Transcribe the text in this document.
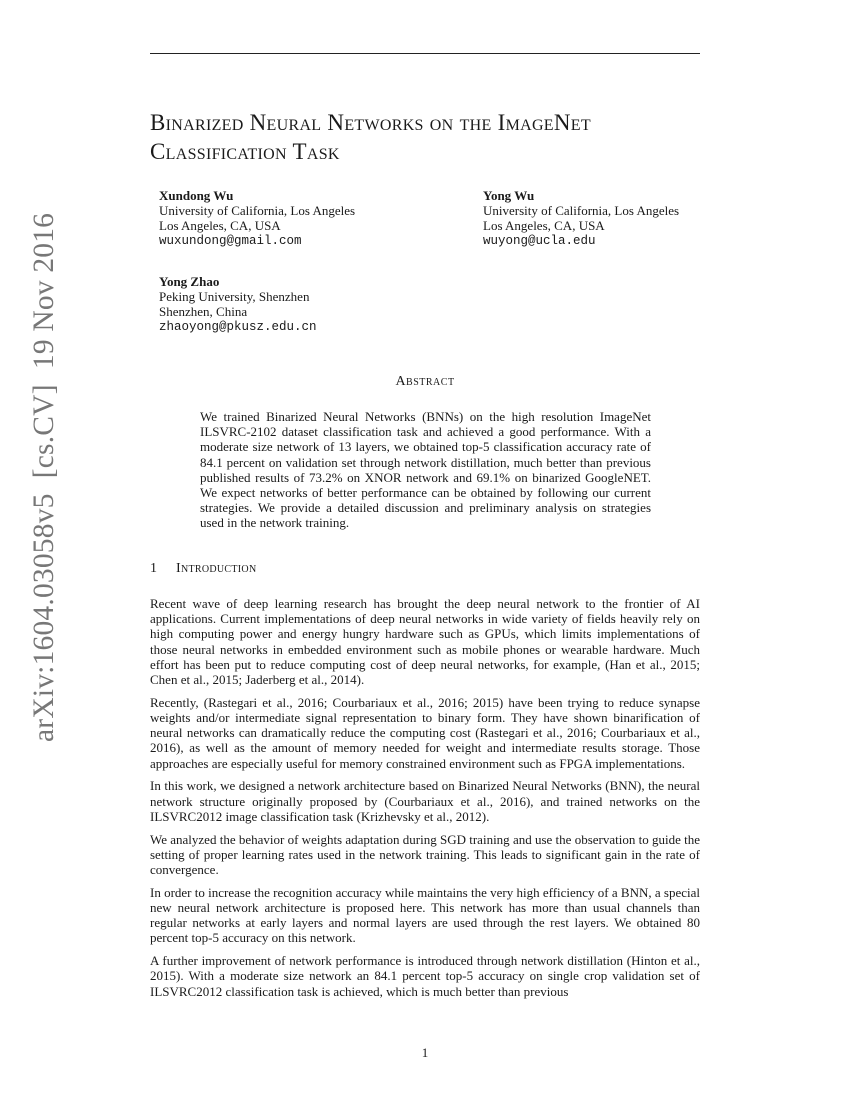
arXiv:1604.03058v5  [cs.CV]  19 Nov 2016
Binarized Neural Networks on the ImageNet
Classification Task
Xundong Wu
University of California, Los Angeles
Los Angeles, CA, USA
wuxundong@gmail.com
Yong Wu
University of California, Los Angeles
Los Angeles, CA, USA
wuyong@ucla.edu
Yong Zhao
Peking University, Shenzhen
Shenzhen, China
zhaoyong@pkusz.edu.cn
Abstract
We trained Binarized Neural Networks (BNNs) on the high resolution ImageNet ILSVRC-2102 dataset classification task and achieved a good performance. With a moderate size network of 13 layers, we obtained top-5 classification accuracy rate of 84.1 percent on validation set through network distillation, much better than previous published results of 73.2% on XNOR network and 69.1% on binarized GoogleNET. We expect networks of better performance can be obtained by following our current strategies. We provide a detailed discussion and preliminary analysis on strategies used in the network training.
1 Introduction

Recent wave of deep learning research has brought the deep neural network to the frontier of AI applications. Current implementations of deep neural networks in wide variety of fields heavily rely on high computing power and energy hungry hardware such as GPUs, which limits implementations of those neural networks in embedded environment such as mobile phones or wearable hardware. Much effort has been put to reduce computing cost of deep neural networks, for example, (Han et al., 2015; Chen et al., 2015; Jaderberg et al., 2014).

Recently, (Rastegari et al., 2016; Courbariaux et al., 2016; 2015) have been trying to reduce synapse weights and/or intermediate signal representation to binary form. They have shown binarification of neural networks can dramatically reduce the computing cost (Rastegari et al., 2016; Courbariaux et al., 2016), as well as the amount of memory needed for weight and intermediate results storage. Those approaches are especially useful for memory constrained environment such as FPGA implementations.

In this work, we designed a network architecture based on Binarized Neural Networks (BNN), the neural network structure originally proposed by (Courbariaux et al., 2016), and trained networks on the ILSVRC2012 image classification task (Krizhevsky et al., 2012).

We analyzed the behavior of weights adaptation during SGD training and use the observation to guide the setting of proper learning rates used in the network training. This leads to significant gain in the rate of convergence.

In order to increase the recognition accuracy while maintains the very high efficiency of a BNN, a special new neural network architecture is proposed here. This network has more than usual channels than regular networks at early layers and normal layers are used through the rest layers. We obtained 80 percent top-5 accuracy on this network.

A further improvement of network performance is introduced through network distillation (Hinton et al., 2015). With a moderate size network an 84.1 percent top-5 accuracy on single crop validation set of ILSVRC2012 classification task is achieved, which is much better than previous

1
